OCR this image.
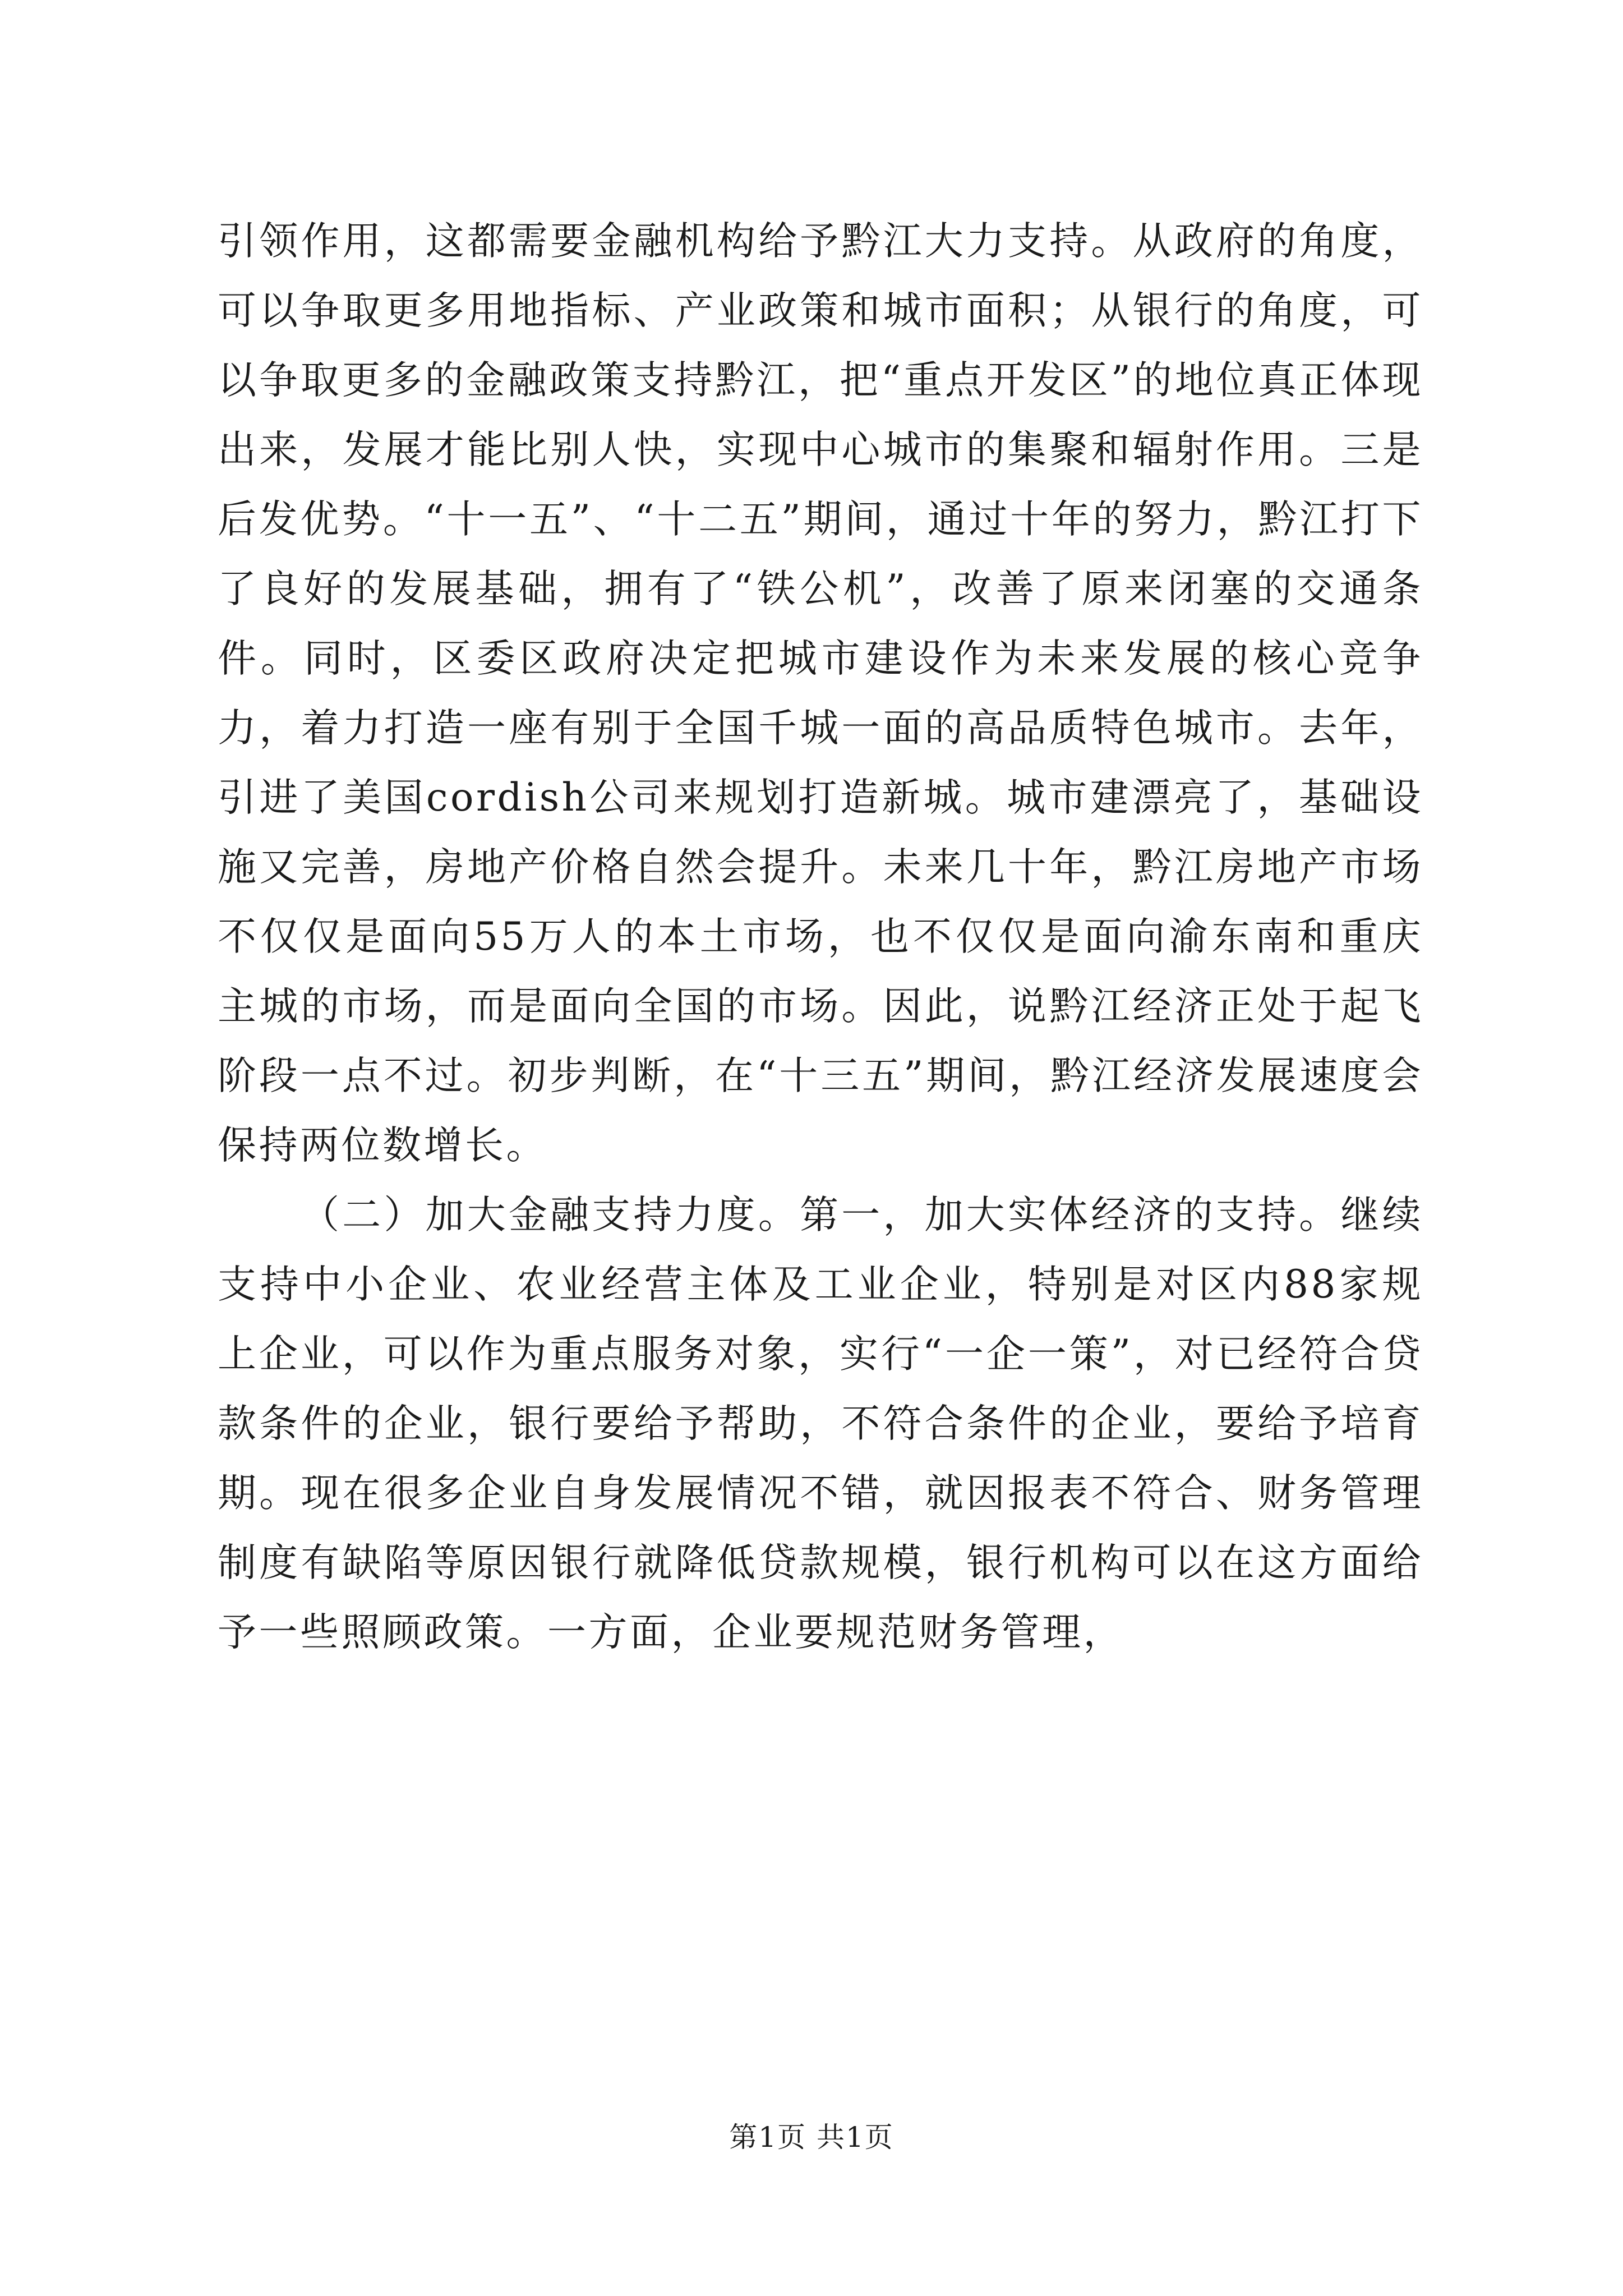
引领作用，这都需要金融机构给予黔江大力支持。从政府的角度，可以争取更多用地指标、产业政策和城市面积；从银行的角度，可以争取更多的金融政策支持黔江，把“重点开发区”的地位真正体现出来，发展才能比别人快，实现中心城市的集聚和辐射作用。三是后发优势。“十一五”、“十二五”期间，通过十年的努力，黔江打下了良好的发展基础，拥有了“铁公机”，改善了原来闭塞的交通条件。同时，区委区政府决定把城市建设作为未来发展的核心竞争力，着力打造一座有别于全国千城一面的高品质特色城市。去年，引进了美国cordish公司来规划打造新城。城市建漂亮了，基础设施又完善，房地产价格自然会提升。未来几十年，黔江房地产市场不仅仅是面向55万人的本土市场，也不仅仅是面向渝东南和重庆主城的市场，而是面向全国的市场。因此，说黔江经济正处于起飞阶段一点不过。初步判断，在“十三五”期间，黔江经济发展速度会保持两位数增长。

（二）加大金融支持力度。第一，加大实体经济的支持。继续支持中小企业、农业经营主体及工业企业，特别是对区内88家规上企业，可以作为重点服务对象，实行“一企一策”，对已经符合贷款条件的企业，银行要给予帮助，不符合条件的企业，要给予培育期。现在很多企业自身发展情况不错，就因报表不符合、财务管理制度有缺陷等原因银行就降低贷款规模，银行机构可以在这方面给予一些照顾政策。一方面，企业要规范财务管理，

第1页 共1页
